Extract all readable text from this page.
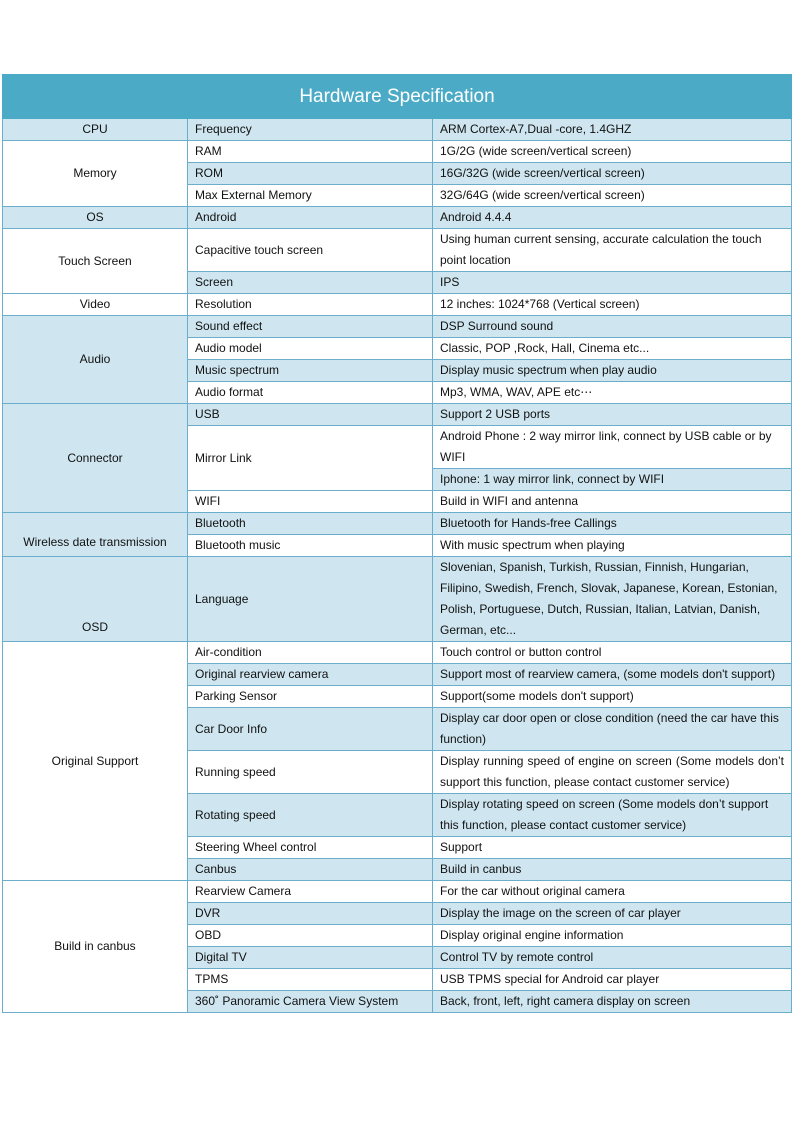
Hardware Specification		
CPU	Frequency	ARM Cortex-A7,Dual -core, 1.4GHZ
Memory	RAM	1G/2G (wide screen/vertical screen)
	ROM	16G/32G (wide screen/vertical screen)
	Max External Memory	32G/64G (wide screen/vertical screen)
OS	Android	Android 4.4.4
Touch Screen	Capacitive touch screen	Using human current sensing, accurate calculation the touch point location
	Screen	IPS
Video	Resolution	12 inches: 1024*768 (Vertical screen)
Audio	Sound effect	DSP Surround sound
	Audio model	Classic, POP ,Rock, Hall, Cinema etc...
	Music spectrum	Display music spectrum when play audio
	Audio format	Mp3, WMA, WAV, APE etc⋯
Connector	USB	Support 2 USB ports
	Mirror Link	Android Phone : 2 way mirror link, connect by USB cable or by WIFI
		Iphone: 1 way mirror link, connect by WIFI
	WIFI	Build in WIFI and antenna
Wireless date transmission	Bluetooth	Bluetooth for Hands-free Callings
	Bluetooth music	With music spectrum when playing
OSD	Language	Slovenian, Spanish, Turkish, Russian, Finnish, Hungarian, Filipino, Swedish, French, Slovak, Japanese, Korean, Estonian, Polish, Portuguese, Dutch, Russian, Italian, Latvian, Danish, German, etc...
Original Support	Air-condition	Touch control or button control
	Original rearview camera	Support most of rearview camera, (some models don't support)
	Parking Sensor	Support(some models don't support)
	Car Door Info	Display car door open or close condition (need the car have this function)
	Running speed	Display running speed of engine on screen (Some models don’t support this function, please contact customer service)
	Rotating speed	Display rotating speed on screen (Some models don’t support this function, please contact customer service)
	Steering Wheel control	Support
	Canbus	Build in canbus
Build in canbus	Rearview Camera	For the car without original camera
	DVR	Display the image on the screen of car player
	OBD	Display original engine information
	Digital TV	Control TV by remote control
	TPMS	USB TPMS special for Android car player
	360˚ Panoramic Camera View System	Back, front, left, right camera display on screen
